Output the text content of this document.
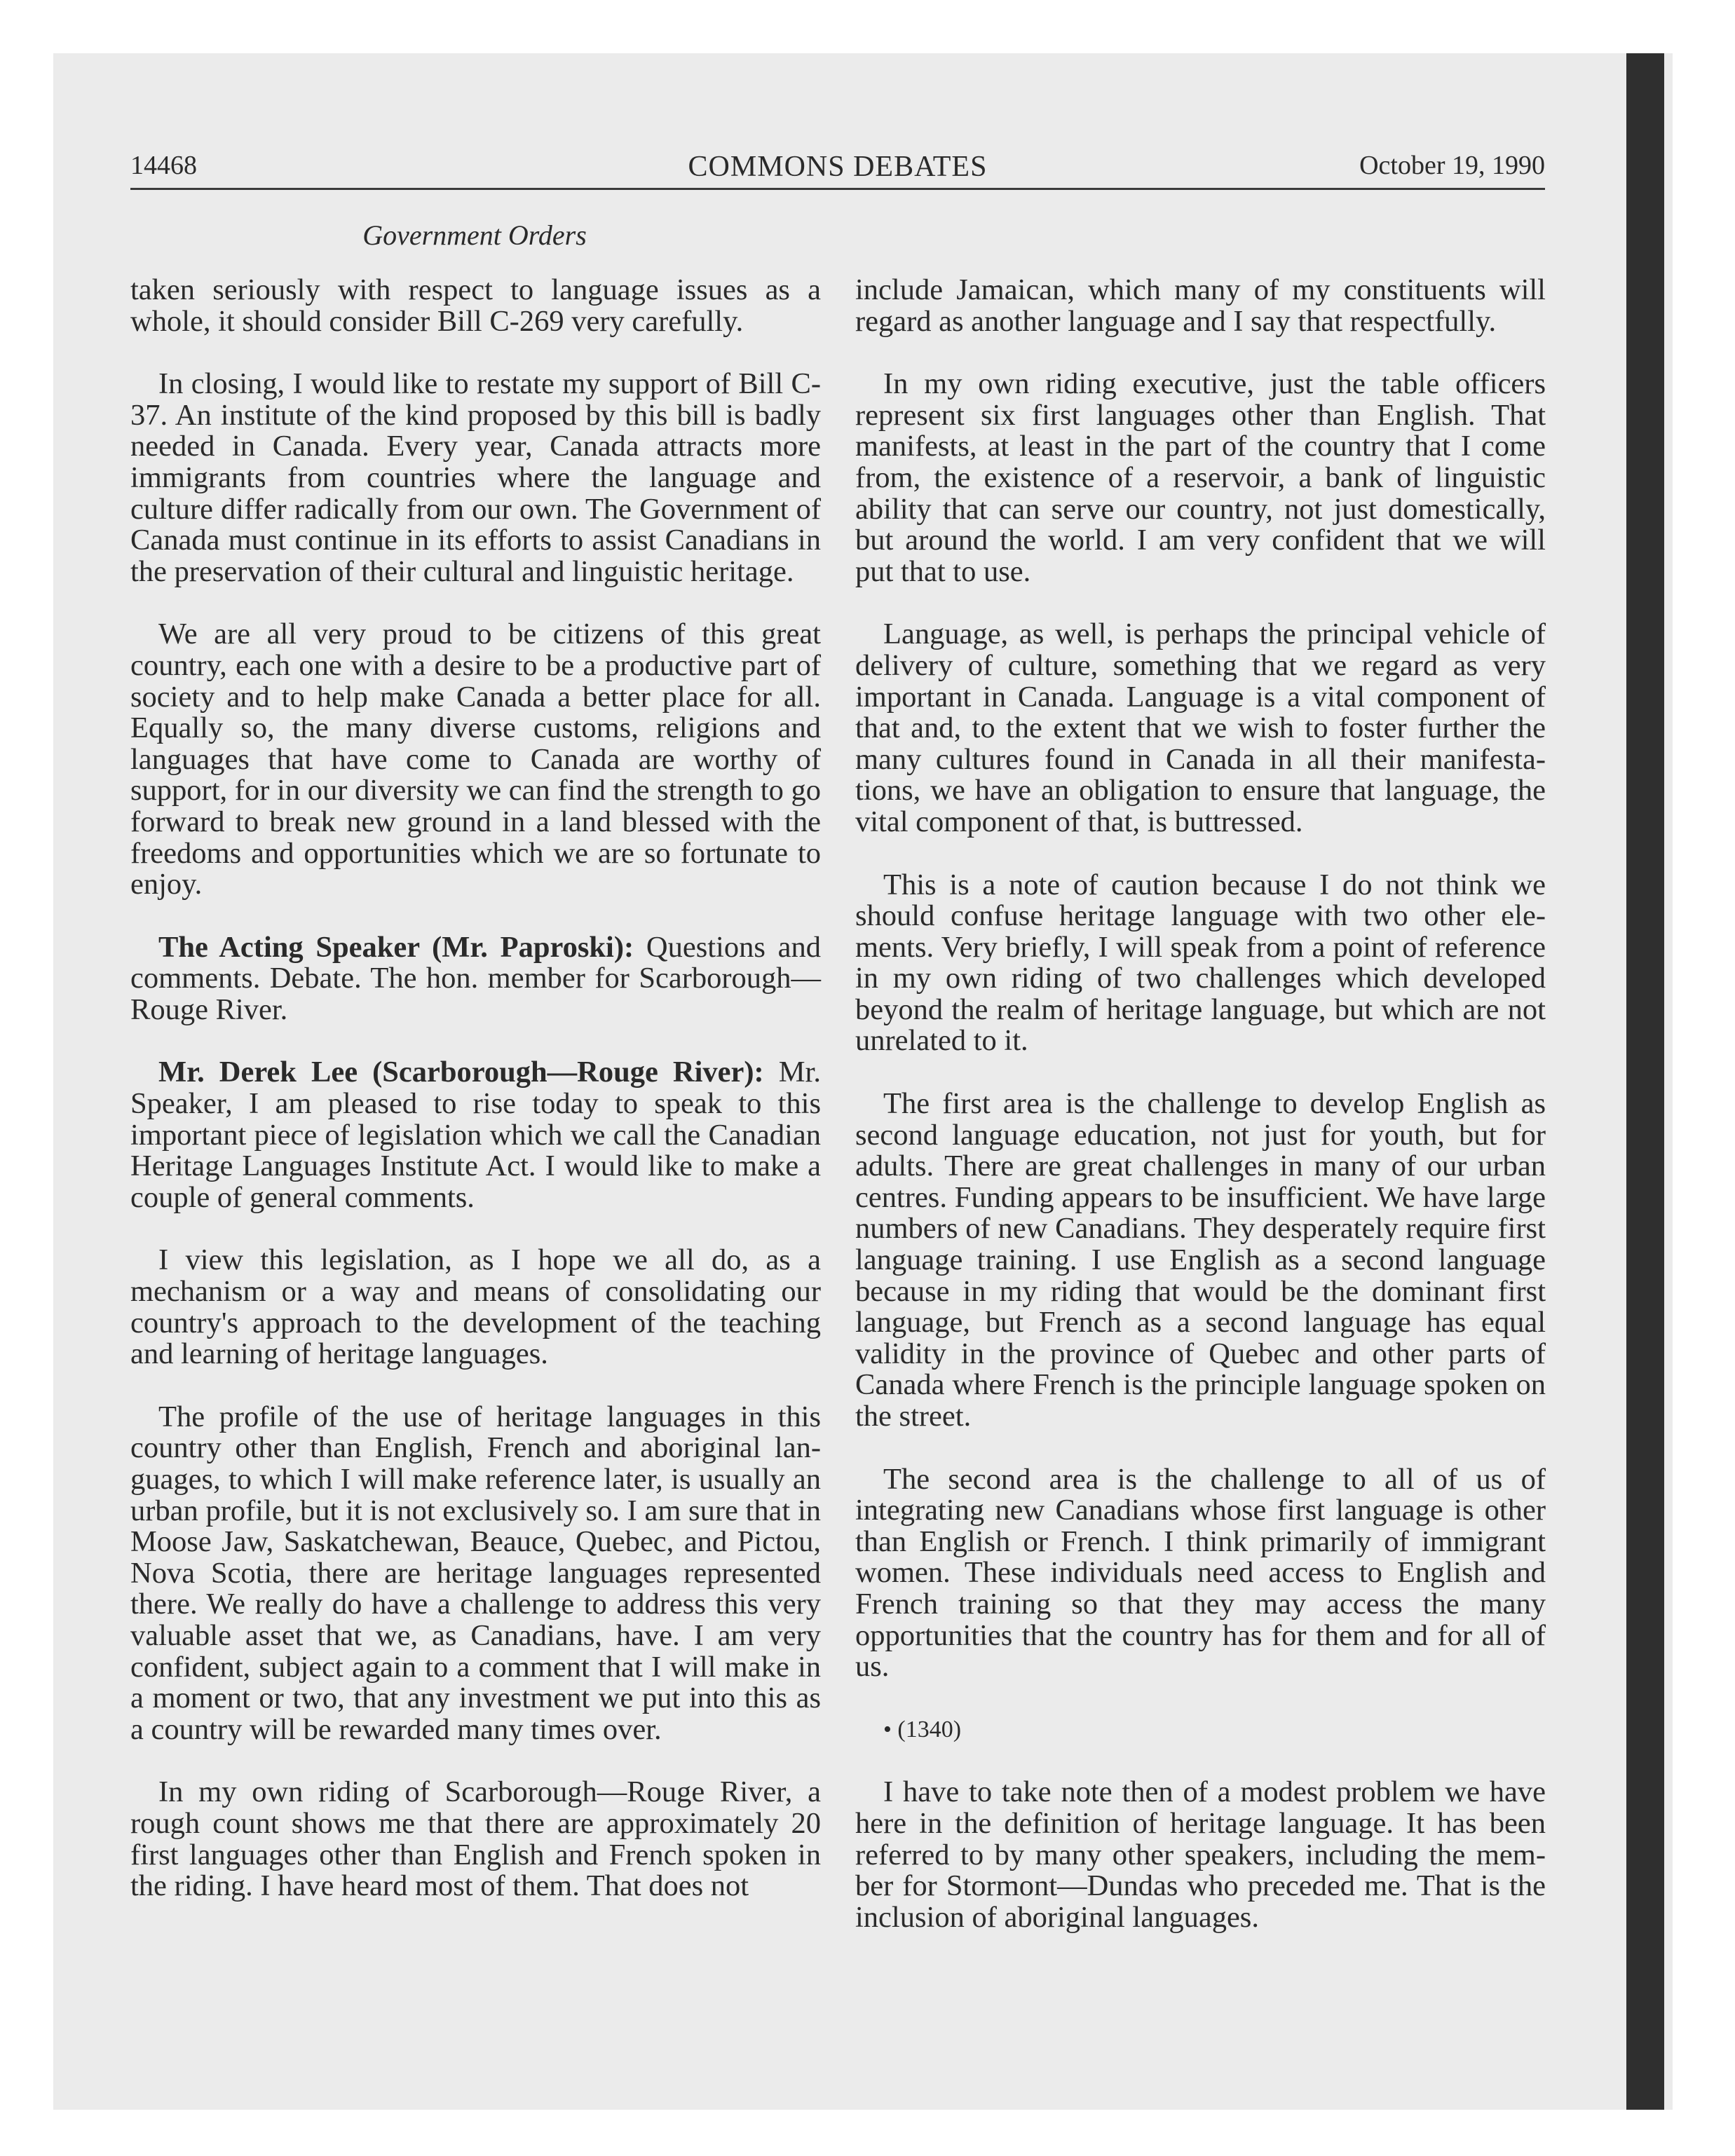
14468	COMMONS DEBATES	October 19, 1990
Government Orders

taken seriously with respect to language issues as a whole, it should consider Bill C-269 very carefully.

In closing, I would like to restate my support of Bill C-37. An institute of the kind proposed by this bill is badly needed in Canada. Every year, Canada attracts more immigrants from countries where the language and culture differ radically from our own. The Government of Canada must continue in its efforts to assist Canadians in the preservation of their cultural and linguistic heritage.

We are all very proud to be citizens of this great country, each one with a desire to be a productive part of society and to help make Canada a better place for all. Equally so, the many diverse customs, religions and languages that have come to Canada are worthy of support, for in our diversity we can find the strength to go forward to break new ground in a land blessed with the freedoms and opportunities which we are so fortunate to enjoy.

The Acting Speaker (Mr. Paproski): Questions and comments. Debate. The hon. member for Scarborough—Rouge River.

Mr. Derek Lee (Scarborough—Rouge River): Mr. Speaker, I am pleased to rise today to speak to this important piece of legislation which we call the Canadian Heritage Languages Institute Act. I would like to make a couple of general comments.

I view this legislation, as I hope we all do, as a mechanism or a way and means of consolidating our country's approach to the development of the teaching and learning of heritage languages.

The profile of the use of heritage languages in this country other than English, French and aboriginal languages, to which I will make reference later, is usually an urban profile, but it is not exclusively so. I am sure that in Moose Jaw, Saskatchewan, Beauce, Quebec, and Pictou, Nova Scotia, there are heritage languages represented there. We really do have a challenge to address this very valuable asset that we, as Canadians, have. I am very confident, subject again to a comment that I will make in a moment or two, that any investment we put into this as a country will be rewarded many times over.

In my own riding of Scarborough—Rouge River, a rough count shows me that there are approximately 20 first languages other than English and French spoken in the riding. I have heard most of them. That does not

include Jamaican, which many of my constituents will regard as another language and I say that respectfully.

In my own riding executive, just the table officers represent six first languages other than English. That manifests, at least in the part of the country that I come from, the existence of a reservoir, a bank of linguistic ability that can serve our country, not just domestically, but around the world. I am very confident that we will put that to use.

Language, as well, is perhaps the principal vehicle of delivery of culture, something that we regard as very important in Canada. Language is a vital component of that and, to the extent that we wish to foster further the many cultures found in Canada in all their manifestations, we have an obligation to ensure that language, the vital component of that, is buttressed.

This is a note of caution because I do not think we should confuse heritage language with two other elements. Very briefly, I will speak from a point of reference in my own riding of two challenges which developed beyond the realm of heritage language, but which are not unrelated to it.

The first area is the challenge to develop English as second language education, not just for youth, but for adults. There are great challenges in many of our urban centres. Funding appears to be insufficient. We have large numbers of new Canadians. They desperately require first language training. I use English as a second language because in my riding that would be the dominant first language, but French as a second language has equal validity in the province of Quebec and other parts of Canada where French is the principle language spoken on the street.

The second area is the challenge to all of us of integrating new Canadians whose first language is other than English or French. I think primarily of immigrant women. These individuals need access to English and French training so that they may access the many opportunities that the country has for them and for all of us.

• (1340)

I have to take note then of a modest problem we have here in the definition of heritage language. It has been referred to by many other speakers, including the member for Stormont—Dundas who preceded me. That is the inclusion of aboriginal languages.
